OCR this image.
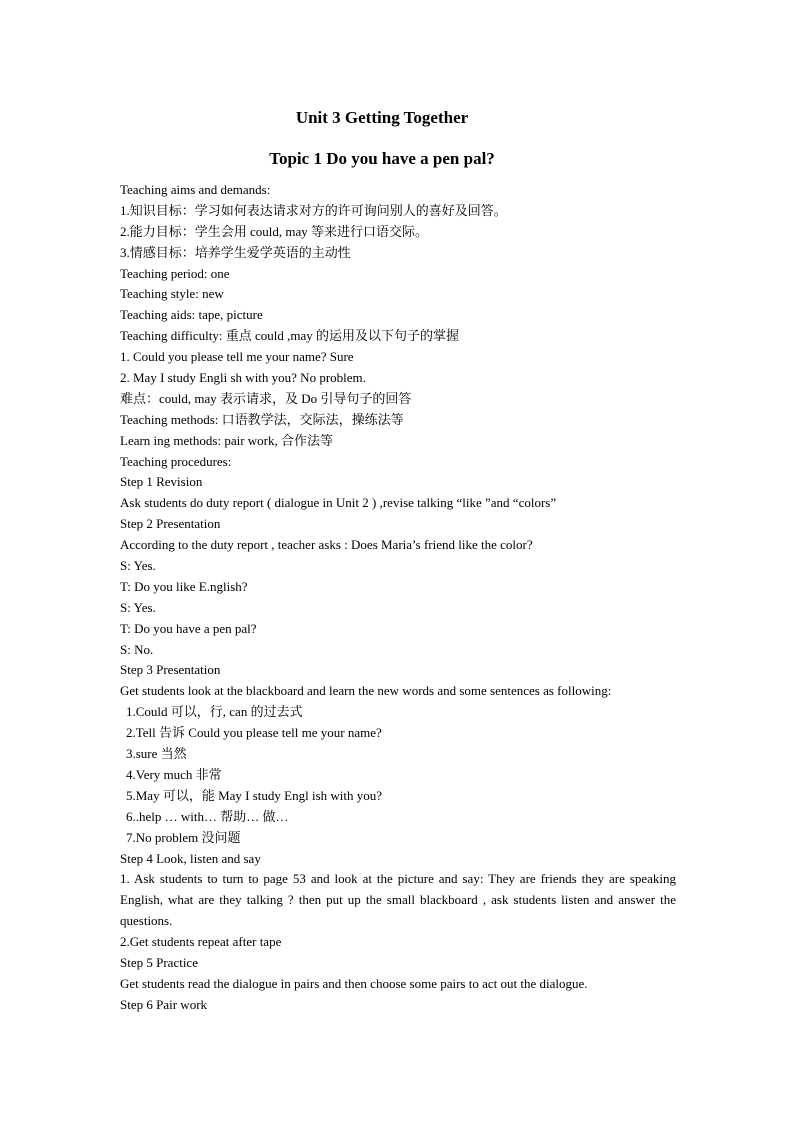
Unit 3 Getting Together
Topic 1 Do you have a pen pal?
Teaching aims and demands:
1.知识目标：学习如何表达请求对方的许可询问别人的喜好及回答。
2.能力目标：学生会用 could, may 等来进行口语交际。
3.情感目标：培养学生爱学英语的主动性
Teaching period: one
Teaching style: new
Teaching aids: tape, picture
Teaching difficulty: 重点 could ,may 的运用及以下句子的掌握
1. Could you please tell me your name? Sure
2. May I study Engli sh with you? No problem.
难点：could, may 表示请求，及 Do 引导句子的回答
Teaching methods: 口语教学法，交际法，操练法等
Learn ing methods: pair work, 合作法等
Teaching procedures:
Step 1 Revision
Ask students do duty report ( dialogue in Unit 2 ) ,revise talking “like ”and “colors”
Step 2 Presentation
According to the duty report , teacher asks : Does Maria’s friend like the color?
S: Yes.
T: Do you like E.nglish?
S: Yes.
T: Do you have a pen pal?
S: No.
Step 3 Presentation
Get students look at the blackboard and learn the new words and some sentences as following:
1.Could 可以，行, can 的过去式
2.Tell 告诉 Could you please tell me your name?
3.sure 当然
4.Very much 非常
5.May 可以，能 May I study Engl ish with you?
6..help … with… 帮助… 做…
7.No problem 没问题
Step 4 Look, listen and say
1. Ask students to turn to page 53 and look at the picture and say: They are friends they are speaking English, what are they talking ? then put up the small blackboard , ask students listen and answer the questions.
2.Get students repeat after tape
Step 5 Practice
Get students read the dialogue in pairs and then choose some pairs to act out the dialogue.
Step 6 Pair work
